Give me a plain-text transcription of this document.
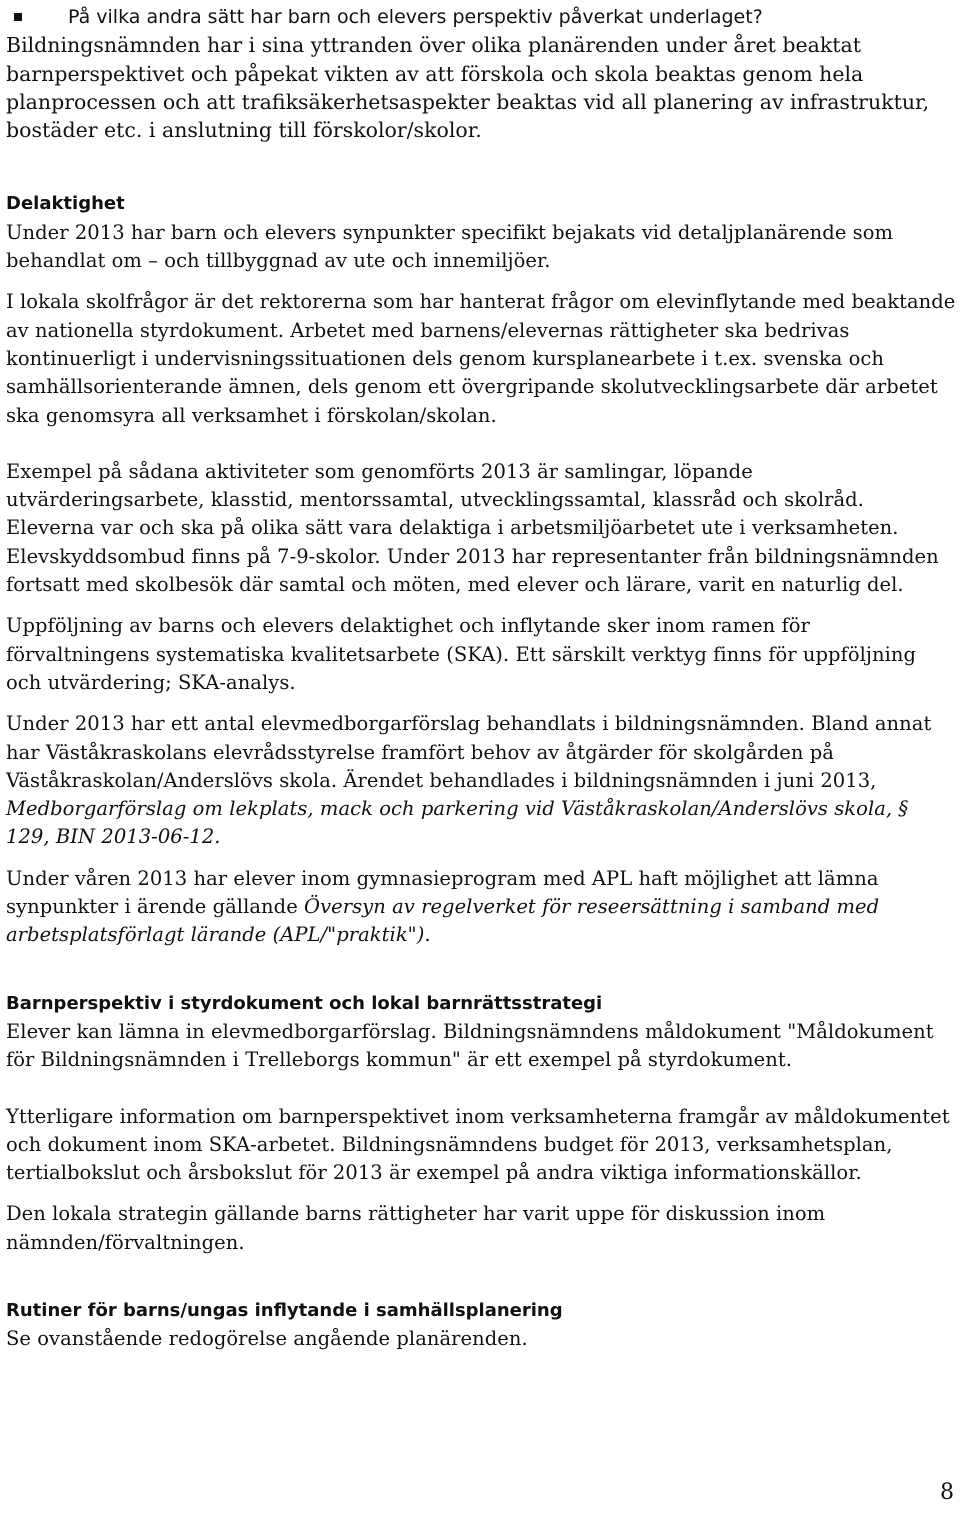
På vilka andra sätt har barn och elevers perspektiv påverkat underlaget?

Bildningsnämnden har i sina yttranden över olika planärenden under året beaktat barnperspektivet och påpekat vikten av att förskola och skola beaktas genom hela planprocessen och att trafiksäkerhetsaspekter beaktas vid all planering av infrastruktur, bostäder etc. i anslutning till förskolor/skolor.

Delaktighet

Under 2013 har barn och elevers synpunkter specifikt bejakats vid detaljplanärende som behandlat om – och tillbyggnad av ute och innemiljöer.

I lokala skolfrågor är det rektorerna som har hanterat frågor om elevinflytande med beaktande av nationella styrdokument. Arbetet med barnens/elevernas rättigheter ska bedrivas kontinuerligt i undervisningssituationen dels genom kursplanearbete i t.ex. svenska och samhällsorienterande ämnen, dels genom ett övergripande skolutvecklingsarbete där arbetet ska genomsyra all verksamhet i förskolan/skolan.

Exempel på sådana aktiviteter som genomförts 2013 är samlingar, löpande utvärderingsarbete, klasstid, mentorssamtal, utvecklingssamtal, klassråd och skolråd. Eleverna var och ska på olika sätt vara delaktiga i arbetsmiljöarbetet ute i verksamheten. Elevskyddsombud finns på 7-9-skolor. Under 2013 har representanter från bildningsnämnden fortsatt med skolbesök där samtal och möten, med elever och lärare, varit en naturlig del.

Uppföljning av barns och elevers delaktighet och inflytande sker inom ramen för förvaltningens systematiska kvalitetsarbete (SKA). Ett särskilt verktyg finns för uppföljning och utvärdering; SKA-analys.

Under 2013 har ett antal elevmedborgarförslag behandlats i bildningsnämnden. Bland annat har Väståkraskolans elevrådsstyrelse framfört behov av åtgärder för skolgården på Väståkraskolan/Anderslövs skola. Ärendet behandlades i bildningsnämnden i juni 2013, Medborgarförslag om lekplats, mack och parkering vid Väståkraskolan/Anderslövs skola, § 129, BIN 2013-06-12.

Under våren 2013 har elever inom gymnasieprogram med APL haft möjlighet att lämna synpunkter i ärende gällande Översyn av regelverket för reseersättning i samband med arbetsplatsförlagt lärande (APL/"praktik").

Barnperspektiv i styrdokument och lokal barnrättsstrategi

Elever kan lämna in elevmedborgarförslag. Bildningsnämndens måldokument "Måldokument för Bildningsnämnden i Trelleborgs kommun" är ett exempel på styrdokument.

Ytterligare information om barnperspektivet inom verksamheterna framgår av måldokumentet och dokument inom SKA-arbetet. Bildningsnämndens budget för 2013, verksamhetsplan, tertialbokslut och årsbokslut för 2013 är exempel på andra viktiga informationskällor.

Den lokala strategin gällande barns rättigheter har varit uppe för diskussion inom nämnden/förvaltningen.

Rutiner för barns/ungas inflytande i samhällsplanering

Se ovanstående redogörelse angående planärenden.

8
